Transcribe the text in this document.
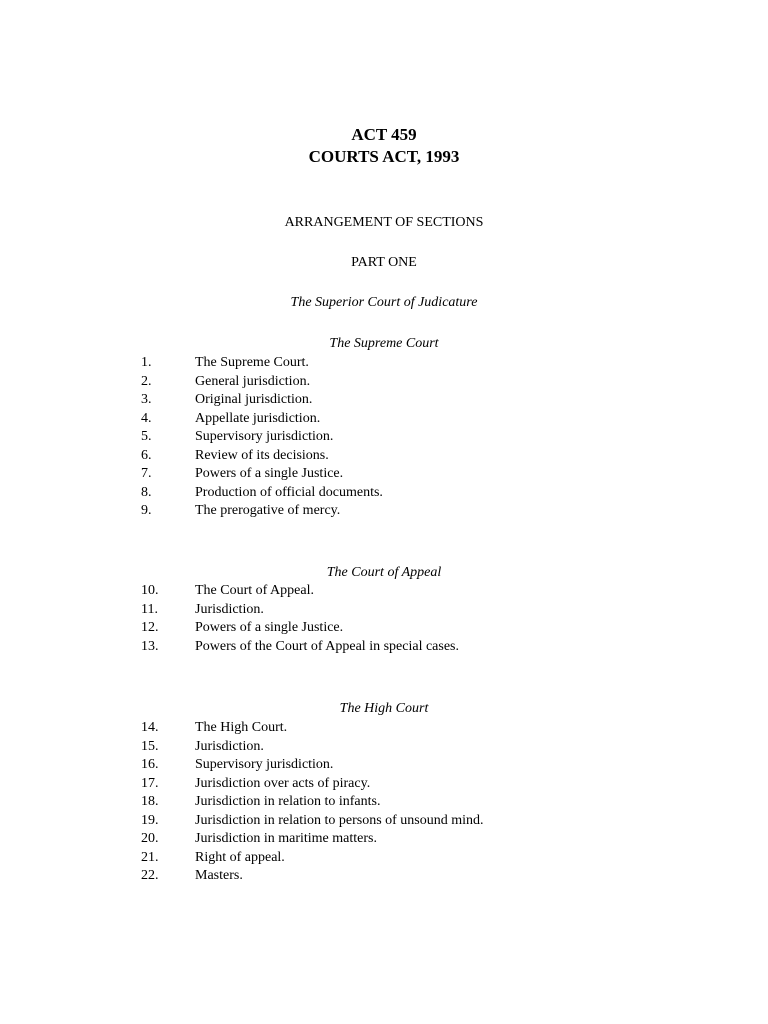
ACT 459
COURTS ACT, 1993
ARRANGEMENT OF SECTIONS
PART ONE
The Superior Court of Judicature
The Supreme Court
1.	The Supreme Court.
2.	General jurisdiction.
3.	Original jurisdiction.
4.	Appellate jurisdiction.
5.	Supervisory jurisdiction.
6.	Review of its decisions.
7.	Powers of a single Justice.
8.	Production of official documents.
9.	The prerogative of mercy.
The Court of Appeal
10.	The Court of Appeal.
11.	Jurisdiction.
12.	Powers of a single Justice.
13.	Powers of the Court of Appeal in special cases.
The High Court
14.	The High Court.
15.	Jurisdiction.
16.	Supervisory jurisdiction.
17.	Jurisdiction over acts of piracy.
18.	Jurisdiction in relation to infants.
19.	Jurisdiction in relation to persons of unsound mind.
20.	Jurisdiction in maritime matters.
21.	Right of appeal.
22.	Masters.
